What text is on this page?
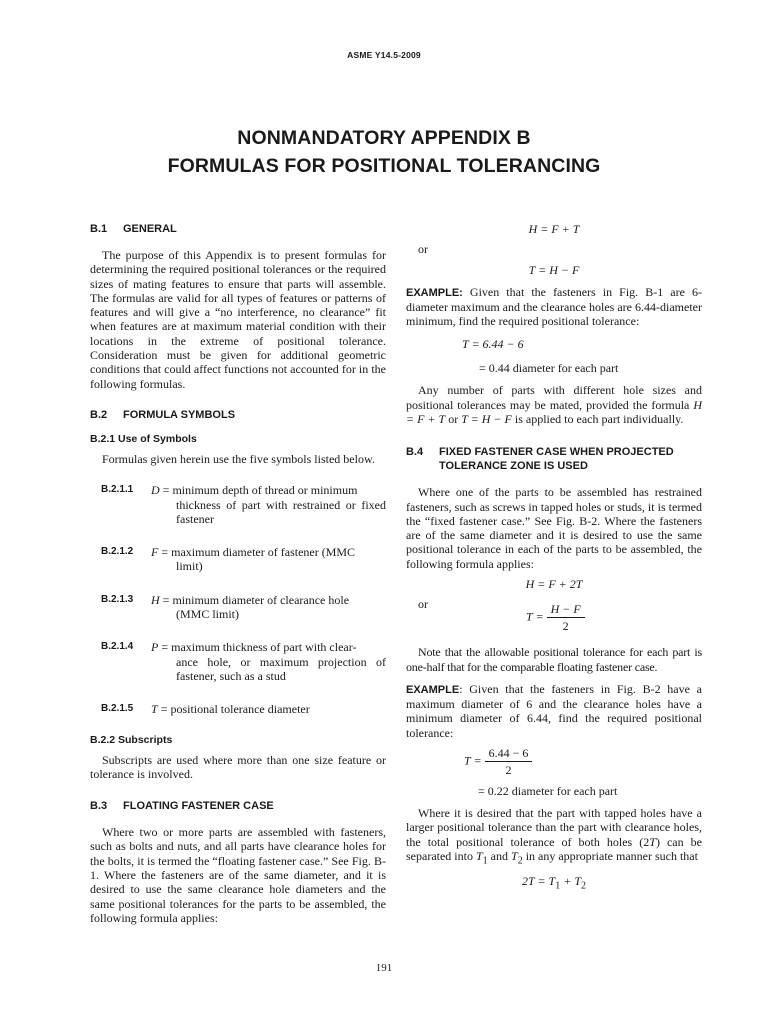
ASME Y14.5-2009
NONMANDATORY APPENDIX B
FORMULAS FOR POSITIONAL TOLERANCING
B.1 GENERAL

The purpose of this Appendix is to present formulas for determining the required positional tolerances or the required sizes of mating features to ensure that parts will assemble. The formulas are valid for all types of features or patterns of features and will give a “no interference, no clearance” fit when features are at maximum material condition with their locations in the extreme of positional tolerance. Consideration must be given for additional geometric conditions that could affect functions not accounted for in the following formulas.

B.2 FORMULA SYMBOLS
B.2.1 Use of Symbols

Formulas given herein use the five symbols listed below.

B.2.1.1 D = minimum depth of thread or minimum
thickness of part with restrained or fixed fastener
B.2.1.2 F = maximum diameter of fastener (MMC
limit)
B.2.1.3 H = minimum diameter of clearance hole
(MMC limit)
B.2.1.4 P = maximum thickness of part with clear-
ance hole, or maximum projection of fastener, such as a stud
B.2.1.5 T = positional tolerance diameter
B.2.2 Subscripts

Subscripts are used where more than one size feature or tolerance is involved.

B.3 FLOATING FASTENER CASE

Where two or more parts are assembled with fasteners, such as bolts and nuts, and all parts have clearance holes for the bolts, it is termed the “floating fastener case.” See Fig. B-1. Where the fasteners are of the same diameter, and it is desired to use the same clearance hole diameters and the same positional tolerances for the parts to be assembled, the following formula applies:

H = F + T
or
T = H − F

EXAMPLE: Given that the fasteners in Fig. B-1 are 6-diameter maximum and the clearance holes are 6.44-diameter minimum, find the required positional tolerance:

T = 6.44 − 6
= 0.44 diameter for each part

Any number of parts with different hole sizes and positional tolerances may be mated, provided the formula H = F + T or T = H − F is applied to each part individually.

B.4	FIXED FASTENER CASE WHEN PROJECTED
TOLERANCE ZONE IS USED

Where one of the parts to be assembled has restrained fasteners, such as screws in tapped holes or studs, it is termed the “fixed fastener case.” See Fig. B-2. Where the fasteners are of the same diameter and it is desired to use the same positional tolerance in each of the parts to be assembled, the following formula applies:

H = F + 2T
or
$T = \frac{H - F}{2}$

Note that the allowable positional tolerance for each part is one-half that for the comparable floating fastener case.

EXAMPLE: Given that the fasteners in Fig. B-2 have a maximum diameter of 6 and the clearance holes have a minimum diameter of 6.44, find the required positional tolerance:

$T = \frac{6.44 - 6}{2}$
= 0.22 diameter for each part

Where it is desired that the part with tapped holes have a larger positional tolerance than the part with clearance holes, the total positional tolerance of both holes (2T) can be separated into $T_1$ and $T_2$ in any appropriate manner such that

$2T = T_1 + T_2$
191
